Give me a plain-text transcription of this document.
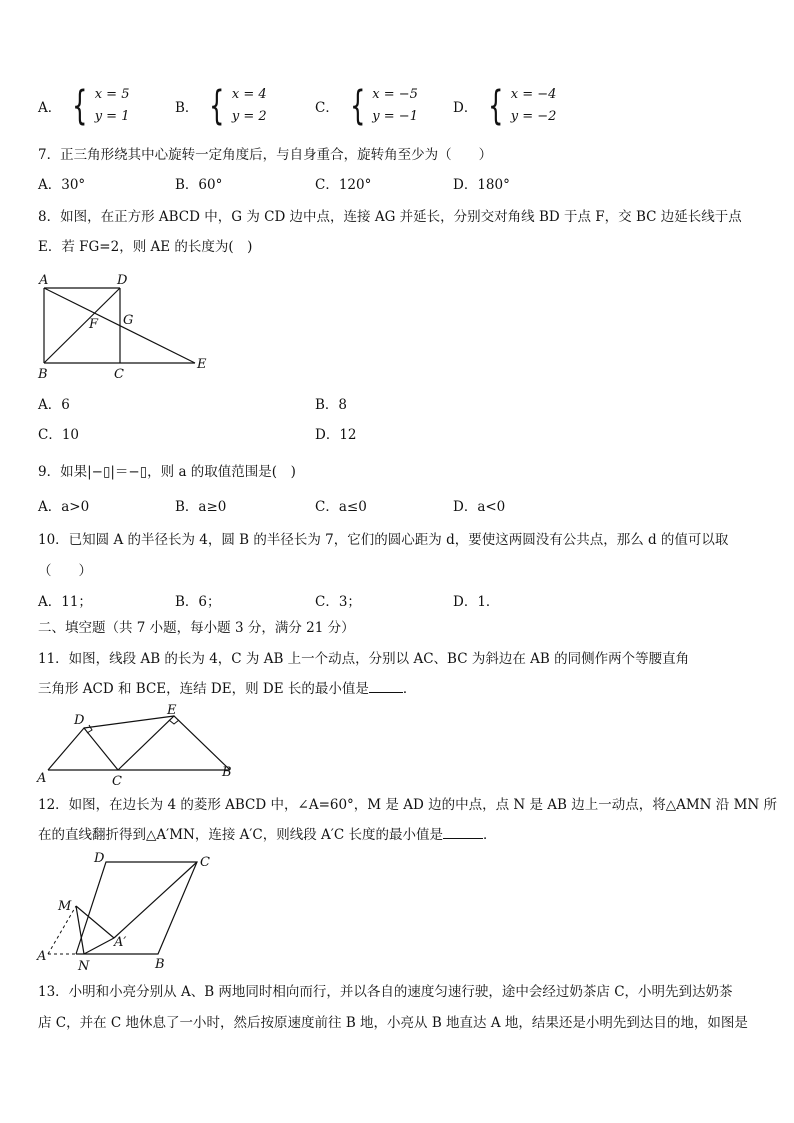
A． { x = 5
y = 1
B． { x = 4
y = 2
C． { x = −5
y = −1
D． { x = −4
y = −2
7．正三角形绕其中心旋转一定角度后，与自身重合，旋转角至少为（　　）
A．30°	B．60°	C．120°	D．180°
8．如图，在正方形 ABCD 中，G 为 CD 边中点，连接 AG 并延长，分别交对角线 BD 于点 F，交 BC 边延长线于点
E．若 FG=2，则 AE 的长度为(　)
A	D
F G
B	C
E
A．6	B．8
C．10	D．12
9．如果|−▯|＝−▯，则 a 的取值范围是(　)
A．a>0	B．a≥0	C．a≤0	D．a<0
10．已知圆 A 的半径长为 4，圆 B 的半径长为 7，它们的圆心距为 d，要使这两圆没有公共点，那么 d 的值可以取
（　　）
A．11；	B．6；	C．3；	D．1．
二、填空题（共 7 小题，每小题 3 分，满分 21 分）
11．如图，线段 AB 的长为 4，C 为 AB 上一个动点，分别以 AC、BC 为斜边在 AB 的同侧作两个等腰直角
三角形 ACD 和 BCE，连结 DE，则 DE 长的最小值是	．
A
D
C
E
B
12．如图，在边长为 4 的菱形 ABCD 中，∠A=60°，M 是 AD 边的中点，点 N 是 AB 边上一动点，将△AMN 沿 MN 所
在的直线翻折得到△A′MN，连接 A′C，则线段 A′C 长度的最小值是	．
D	C
M
A′
A
N	B
13．小明和小亮分别从 A、B 两地同时相向而行，并以各自的速度匀速行驶，途中会经过奶茶店 C，小明先到达奶茶
店 C，并在 C 地休息了一小时，然后按原速度前往 B 地，小亮从 B 地直达 A 地，结果还是小明先到达目的地，如图是
